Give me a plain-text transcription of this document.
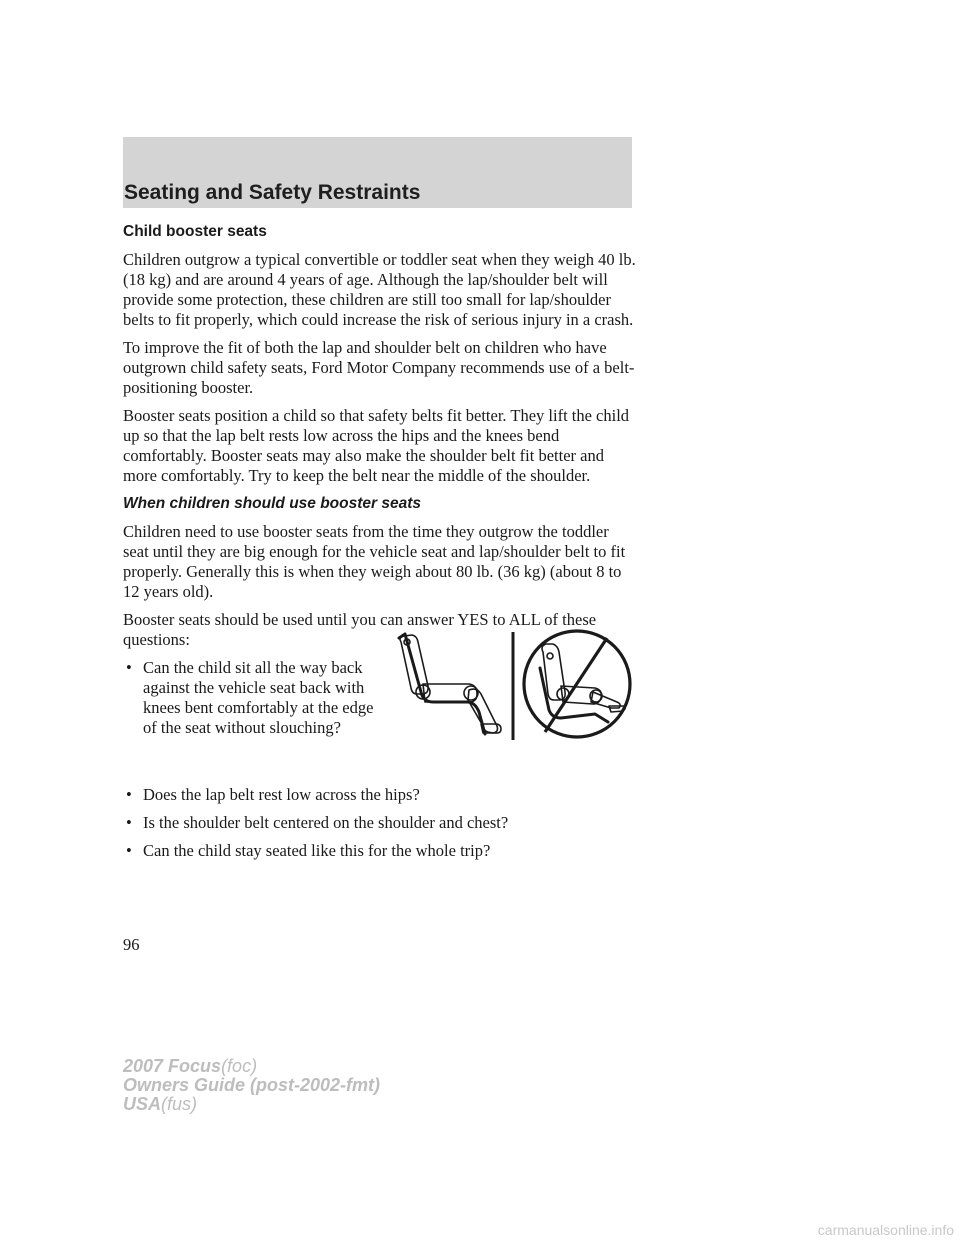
Seating and Safety Restraints
Child booster seats

Children outgrow a typical convertible or toddler seat when they weigh 40 lb. (18 kg) and are around 4 years of age. Although the lap/shoulder belt will provide some protection, these children are still too small for lap/shoulder belts to fit properly, which could increase the risk of serious injury in a crash.

To improve the fit of both the lap and shoulder belt on children who have outgrown child safety seats, Ford Motor Company recommends use of a belt-positioning booster.

Booster seats position a child so that safety belts fit better. They lift the child up so that the lap belt rests low across the hips and the knees bend comfortably. Booster seats may also make the shoulder belt fit better and more comfortably. Try to keep the belt near the middle of the shoulder.

When children should use booster seats

Children need to use booster seats from the time they outgrow the toddler seat until they are big enough for the vehicle seat and lap/shoulder belt to fit properly. Generally this is when they weigh about 80 lb. (36 kg) (about 8 to 12 years old).

Booster seats should be used until you can answer YES to ALL of these questions:

• Can the child sit all the way back against the vehicle seat back with knees bent comfortably at the edge of the seat without slouching?
• Does the lap belt rest low across the hips?
• Is the shoulder belt centered on the shoulder and chest?
• Can the child stay seated like this for the whole trip?

96

2007 Focus(foc)
Owners Guide (post-2002-fmt)
USA(fus)
carmanualsonline.info
